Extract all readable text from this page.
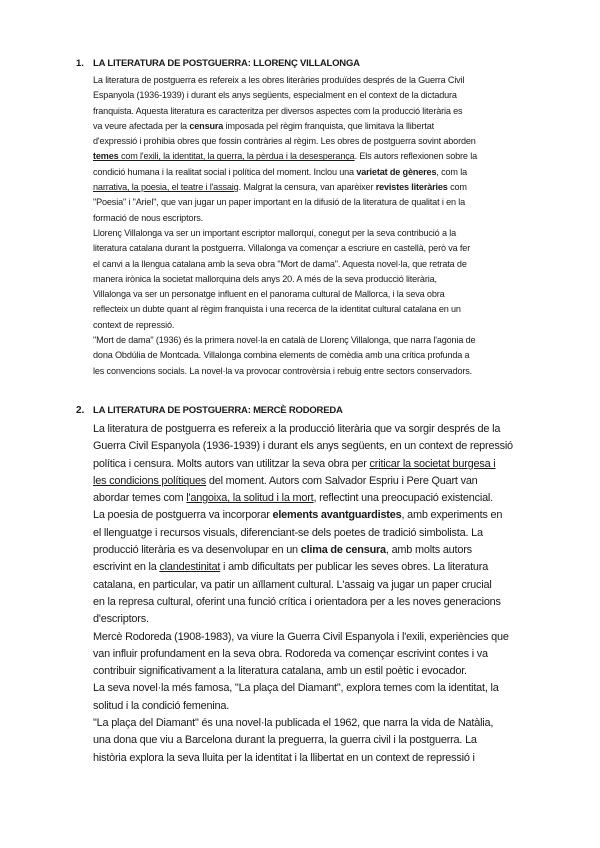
1. LA LITERATURA DE POSTGUERRA: LLORENÇ VILLALONGA
La literatura de postguerra es refereix a les obres literàries produïdes després de la Guerra Civil
Espanyola (1936-1939) i durant els anys següents, especialment en el context de la dictadura
franquista. Aquesta literatura es caracteritza per diversos aspectes com la producció literària es
va veure afectada per la censura imposada pel règim franquista, que limitava la llibertat
d'expressió i prohibia obres que fossin contràries al règim. Les obres de postguerra sovint aborden
temes com l'exili, la identitat, la guerra, la pèrdua i la desesperança. Els autors reflexionen sobre la
condició humana i la realitat social i política del moment. Inclou una varietat de gèneres, com la
narrativa, la poesia, el teatre i l'assaig. Malgrat la censura, van aparèixer revistes literàries com
"Poesia" i "Ariel", que van jugar un paper important en la difusió de la literatura de qualitat i en la
formació de nous escriptors.
Llorenç Villalonga va ser un important escriptor mallorquí, conegut per la seva contribució a la
literatura catalana durant la postguerra. Villalonga va començar a escriure en castellà, però va fer
el canvi a la llengua catalana amb la seva obra "Mort de dama". Aquesta novel·la, que retrata de
manera irònica la societat mallorquina dels anys 20. A més de la seva producció literària,
Villalonga va ser un personatge influent en el panorama cultural de Mallorca, i la seva obra
reflecteix un dubte quant al règim franquista i una recerca de la identitat cultural catalana en un
context de repressió.
"Mort de dama" (1936) és la primera novel·la en català de Llorenç Villalonga, que narra l'agonia de
dona Obdúlia de Montcada. Villalonga combina elements de comèdia amb una crítica profunda a
les convencions socials. La novel·la va provocar controvèrsia i rebuig entre sectors conservadors.
2. LA LITERATURA DE POSTGUERRA: MERCÈ RODOREDA
La literatura de postguerra es refereix a la producció literària que va sorgir després de la
Guerra Civil Espanyola (1936-1939) i durant els anys següents, en un context de repressió
política i censura. Molts autors van utilitzar la seva obra per criticar la societat burgesa i
les condicions polítiques del moment. Autors com Salvador Espriu i Pere Quart van
abordar temes com l'angoixa, la solitud i la mort, reflectint una preocupació existencial.
La poesia de postguerra va incorporar elements avantguardistes, amb experiments en
el llenguatge i recursos visuals, diferenciant-se dels poetes de tradició simbolista. La
producció literària es va desenvolupar en un clima de censura, amb molts autors
escrivint en la clandestinitat i amb dificultats per publicar les seves obres. La literatura
catalana, en particular, va patir un aïllament cultural. L'assaig va jugar un paper crucial
en la represa cultural, oferint una funció crítica i orientadora per a les noves generacions
d'escriptors.
Mercè Rodoreda (1908-1983), va viure la Guerra Civil Espanyola i l'exili, experiències que
van influir profundament en la seva obra. Rodoreda va començar escrivint contes i va
contribuir significativament a la literatura catalana, amb un estil poètic i evocador.
La seva novel·la més famosa, "La plaça del Diamant", explora temes com la identitat, la
solitud i la condició femenina.
"La plaça del Diamant" és una novel·la publicada el 1962, que narra la vida de Natàlia,
una dona que viu a Barcelona durant la preguerra, la guerra civil i la postguerra. La
història explora la seva lluita per la identitat i la llibertat en un context de repressió i
